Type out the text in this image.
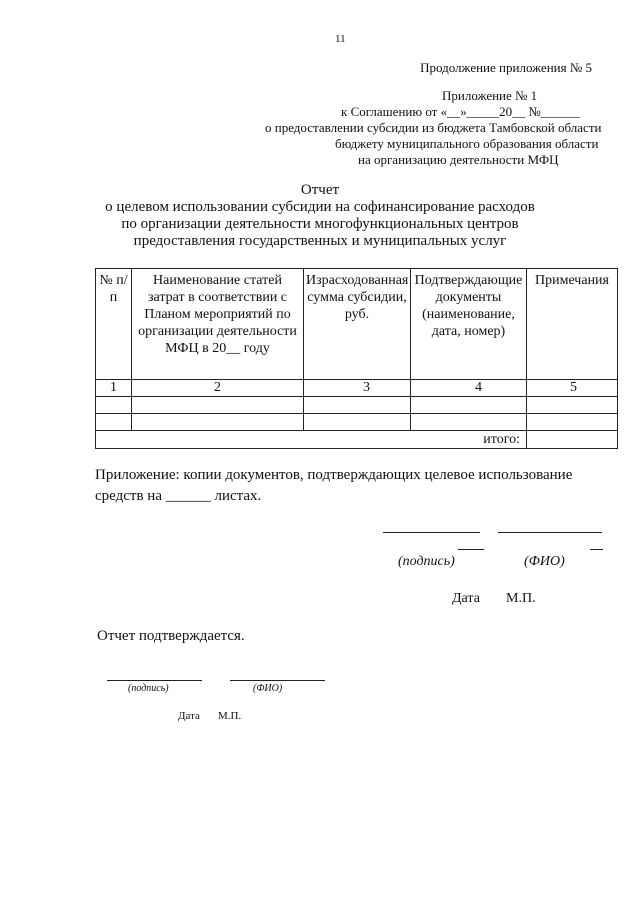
11
Продолжение приложения № 5
Приложение № 1
к Соглашению от «__»_____20__ №______
о предоставлении субсидии из бюджета Тамбовской области
бюджету муниципального образования области
на организацию деятельности МФЦ
Отчет
о целевом использовании субсидии на софинансирование расходов
по организации деятельности многофункциональных центров
предоставления государственных и муниципальных услуг
№ п/п	Наименование статей затрат в соответствии с Планом мероприятий по организации деятельности МФЦ в 20__ году	Израсходованная сумма субсидии, руб.	Подтверждающие документы (наименование, дата, номер)	Примечания
1	2	3	4	5

итого:				
Приложение: копии документов, подтверждающих целевое использование средств на ______ листах.
(подпись)	(ФИО)
Дата М.П.
Отчет подтверждается.
(подпись)	(ФИО)
Дата М.П.
